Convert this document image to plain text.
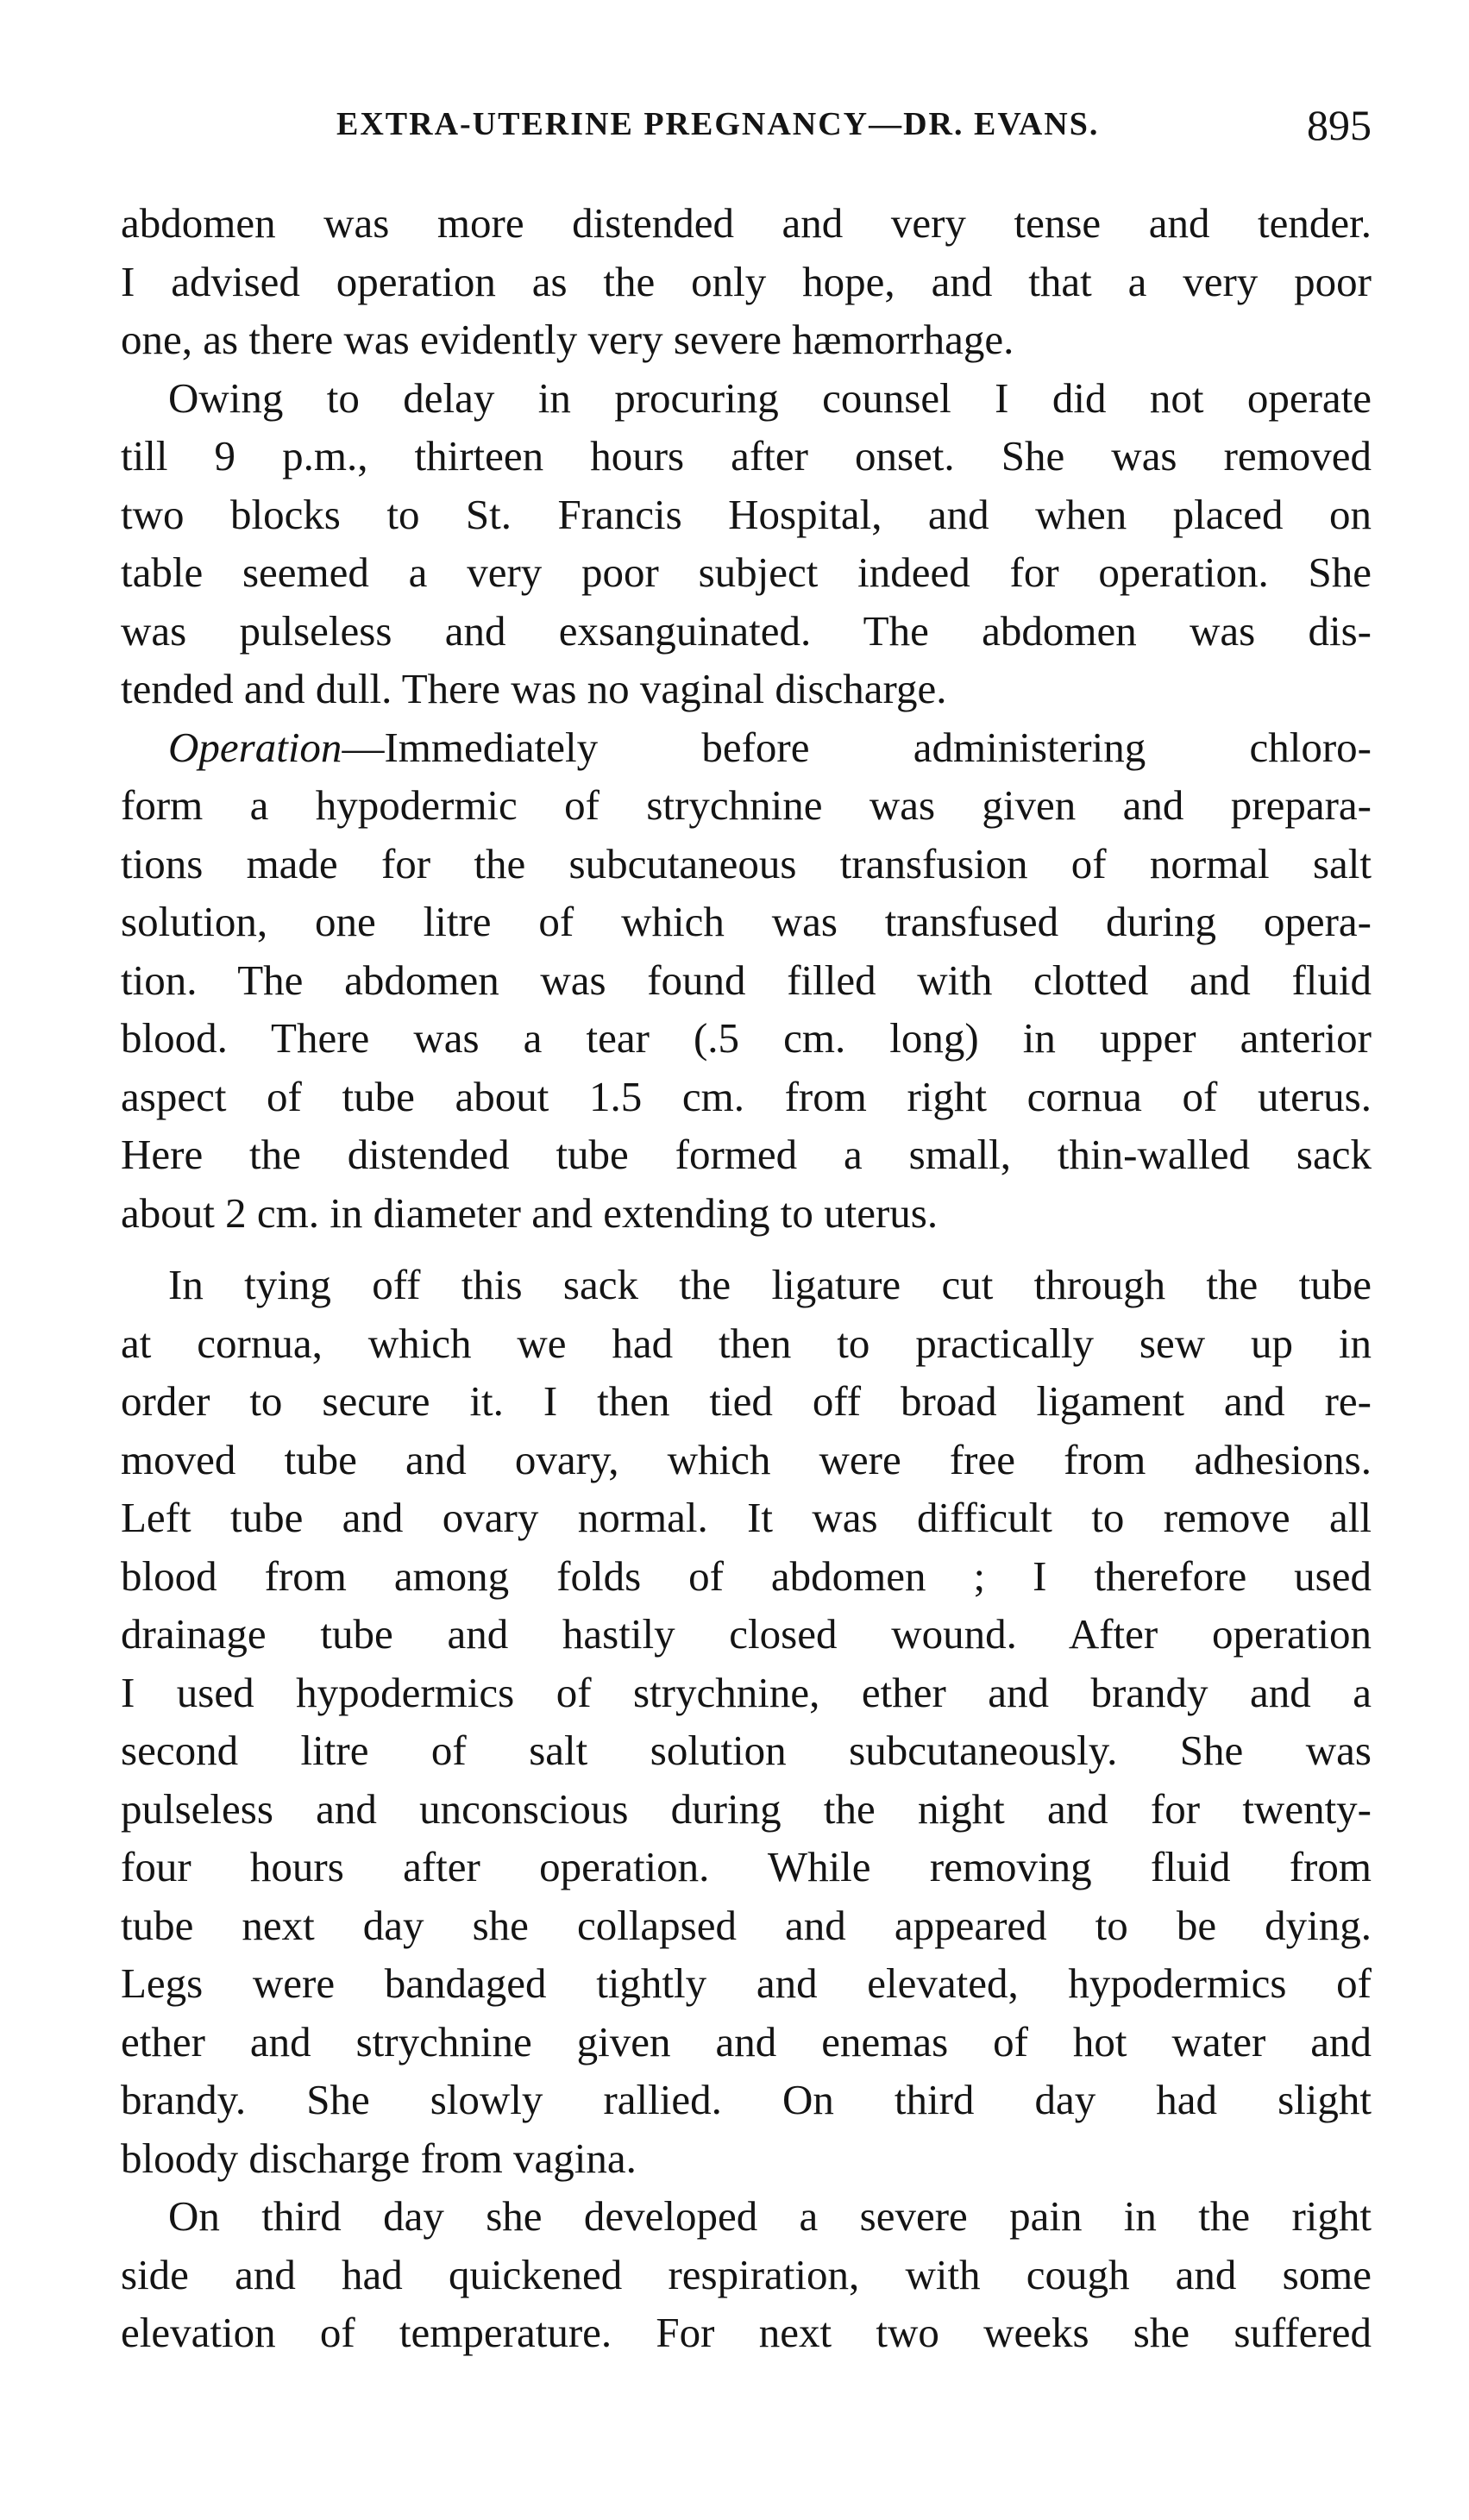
EXTRA-UTERINE PREGNANCY—DR. EVANS.	895

abdomen was more distended and very tense and tender.
I advised operation as the only hope, and that a very poor
one, as there was evidently very severe hæmorrhage.

Owing to delay in procuring counsel I did not operate
till 9 p.m., thirteen hours after onset. She was removed
two blocks to St. Francis Hospital, and when placed on
table seemed a very poor subject indeed for operation. She
was pulseless and exsanguinated. The abdomen was dis-
tended and dull. There was no vaginal discharge.

Operation—Immediately before administering chloro-
form a hypodermic of strychnine was given and prepara-
tions made for the subcutaneous transfusion of normal salt
solution, one litre of which was transfused during opera-
tion. The abdomen was found filled with clotted and fluid
blood. There was a tear (.5 cm. long) in upper anterior
aspect of tube about 1.5 cm. from right cornua of uterus.
Here the distended tube formed a small, thin-walled sack
about 2 cm. in diameter and extending to uterus.

In tying off this sack the ligature cut through the tube
at cornua, which we had then to practically sew up in
order to secure it. I then tied off broad ligament and re-
moved tube and ovary, which were free from adhesions.
Left tube and ovary normal. It was difficult to remove all
blood from among folds of abdomen ; I therefore used
drainage tube and hastily closed wound. After operation
I used hypodermics of strychnine, ether and brandy and a
second litre of salt solution subcutaneously. She was
pulseless and unconscious during the night and for twenty-
four hours after operation. While removing fluid from
tube next day she collapsed and appeared to be dying.
Legs were bandaged tightly and elevated, hypodermics of
ether and strychnine given and enemas of hot water and
brandy. She slowly rallied. On third day had slight
bloody discharge from vagina.

On third day she developed a severe pain in the right
side and had quickened respiration, with cough and some
elevation of temperature. For next two weeks she suffered
